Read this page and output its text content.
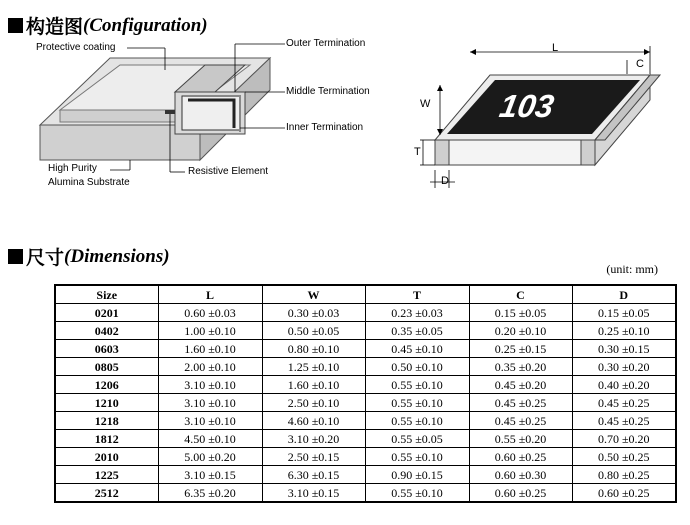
构造图 (Configuration)
Protective coating	Outer Termination
Middle Termination
Inner Termination
Resistive Element
High Purity
Alumina Substrate
L
C
W
T
D
103
尺寸 (Dimensions)
(unit: mm)
Size	L	W	T	C	D
0201	0.60 ±0.03	0.30 ±0.03	0.23 ±0.03	0.15 ±0.05	0.15 ±0.05
0402	1.00 ±0.10	0.50 ±0.05	0.35 ±0.05	0.20 ±0.10	0.25 ±0.10
0603	1.60 ±0.10	0.80 ±0.10	0.45 ±0.10	0.25 ±0.15	0.30 ±0.15
0805	2.00 ±0.10	1.25 ±0.10	0.50 ±0.10	0.35 ±0.20	0.30 ±0.20
1206	3.10 ±0.10	1.60 ±0.10	0.55 ±0.10	0.45 ±0.20	0.40 ±0.20
1210	3.10 ±0.10	2.50 ±0.10	0.55 ±0.10	0.45 ±0.25	0.45 ±0.25
1218	3.10 ±0.10	4.60 ±0.10	0.55 ±0.10	0.45 ±0.25	0.45 ±0.25
1812	4.50 ±0.10	3.10 ±0.20	0.55 ±0.05	0.55 ±0.20	0.70 ±0.20
2010	5.00 ±0.20	2.50 ±0.15	0.55 ±0.10	0.60 ±0.25	0.50 ±0.25
1225	3.10 ±0.15	6.30 ±0.15	0.90 ±0.15	0.60 ±0.30	0.80 ±0.25
2512	6.35 ±0.20	3.10 ±0.15	0.55 ±0.10	0.60 ±0.25	0.60 ±0.25
